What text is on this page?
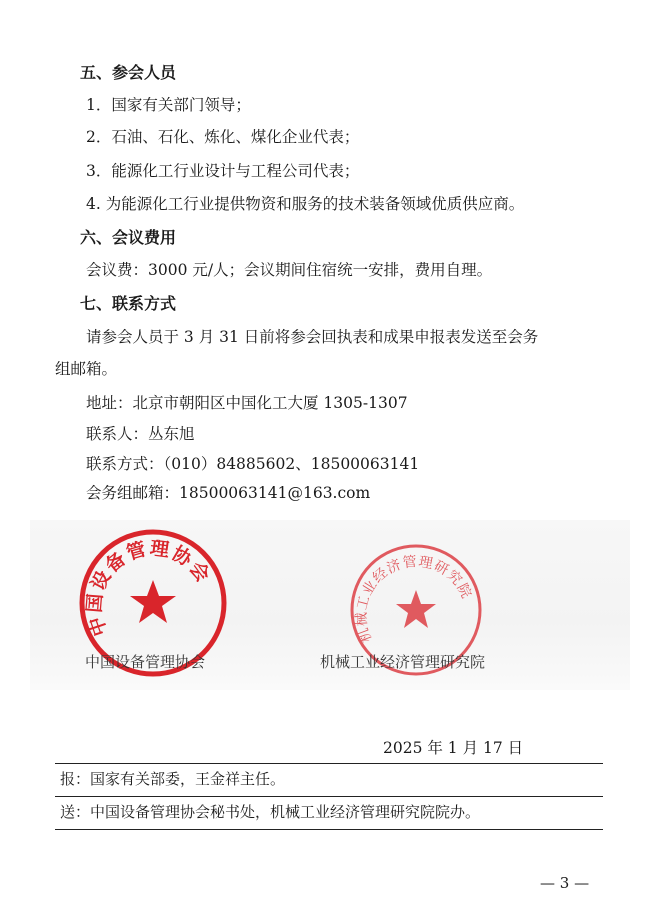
五、参会人员
1．国家有关部门领导；
2．石油、石化、炼化、煤化企业代表；
3．能源化工行业设计与工程公司代表；
4. 为能源化工行业提供物资和服务的技术装备领域优质供应商。
六、会议费用
会议费：3000 元/人；会议期间住宿统一安排，费用自理。
七、联系方式
请参会人员于 3 月 31 日前将参会回执表和成果申报表发送至会务
组邮箱。
地址：北京市朝阳区中国化工大厦 1305-1307
联系人：丛东旭
联系方式：（010）84885602、18500063141
会务组邮箱：18500063141@163.com
中国设备管理协会
中国设备管理协会
机械工业经济管理研究院
机械工业经济管理研究院
2025 年 1 月 17 日
报：国家有关部委，王金祥主任。
送：中国设备管理协会秘书处，机械工业经济管理研究院院办。
— 3 —
